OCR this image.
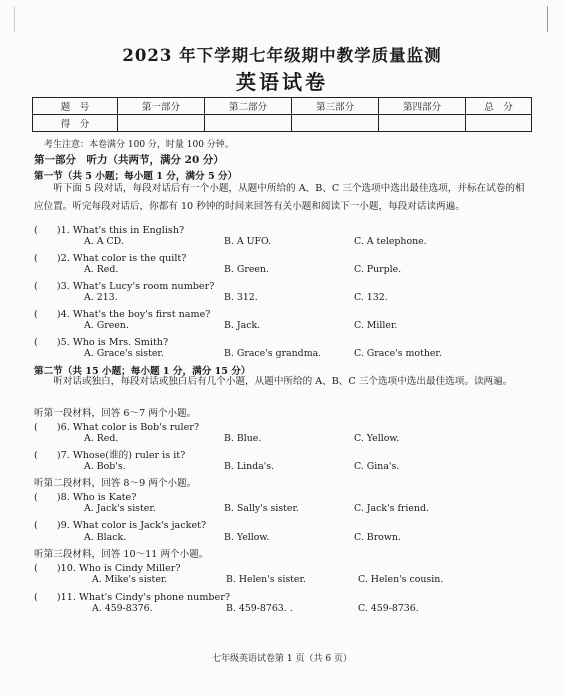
2023 年下学期七年级期中教学质量监测
英语试卷
题　号	第一部分	第二部分	第三部分	第四部分	总　分
得　分					
考生注意：本卷满分 100 分，时量 100 分钟。
第一部分　听力（共两节，满分 20 分）
第一节（共 5 小题；每小题 1 分，满分 5 分）
听下面 5 段对话，每段对话后有一个小题，从题中所给的 A、B、C 三个选项中选出最佳选项，并标在试卷的相应位置。听完每段对话后，你都有 10 秒钟的时间来回答有关小题和阅读下一小题，每段对话读两遍。
(　　)1. What's this in English?
A. A CD.	B. A UFO.	C. A telephone.
(　　)2. What color is the quilt?
A. Red.	B. Green.	C. Purple.
(　　)3. What's Lucy's room number?
A. 213.	B. 312.	C. 132.
(　　)4. What's the boy's first name?
A. Green.	B. Jack.	C. Miller.
(　　)5. Who is Mrs. Smith?
A. Grace's sister.	B. Grace's grandma.	C. Grace's mother.
第二节（共 15 小题；每小题 1 分，满分 15 分）
听对话或独白，每段对话或独白后有几个小题，从题中所给的 A、B、C 三个选项中选出最佳选项。读两遍。
听第一段材料，回答 6～7 两个小题。
(　　)6. What color is Bob's ruler?
A. Red.	B. Blue.	C. Yellow.
(　　)7. Whose(谁的) ruler is it?
A. Bob's.	B. Linda's.	C. Gina's.
听第二段材料，回答 8～9 两个小题。
(　　)8. Who is Kate?
A. Jack's sister.	B. Sally's sister.	C. Jack's friend.
(　　)9. What color is Jack's jacket?
A. Black.	B. Yellow.	C. Brown.
听第三段材料，回答 10～11 两个小题。
(　　)10. Who is Cindy Miller?
A. Mike's sister.	B. Helen's sister.	C. Helen's cousin.
(　　)11. What's Cindy's phone number?
A. 459-8376.	B. 459-8763. .	C. 459-8736.
七年级英语试卷第 1 页（共 6 页）
